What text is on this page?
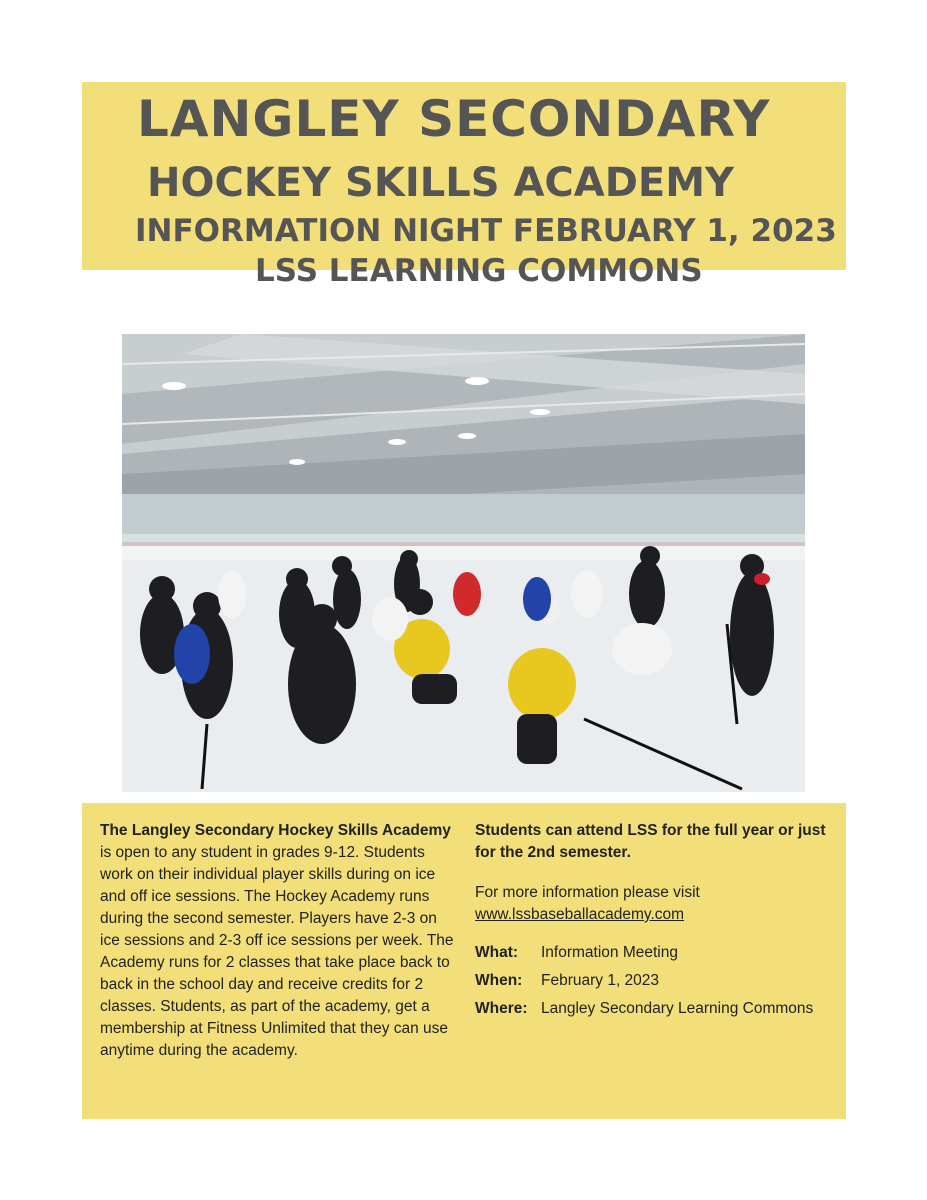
LANGLEY SECONDARY
HOCKEY SKILLS ACADEMY
INFORMATION NIGHT FEBRUARY 1, 2023
LSS LEARNING COMMONS
The Langley Secondary Hockey Skills Academy is open to any student in grades 9-12. Students work on their individual player skills during on ice and off ice sessions. The Hockey Academy runs during the second semester. Players have 2-3 on ice sessions and 2-3 off ice sessions per week. The Academy runs for 2 classes that take place back to back in the school day and receive credits for 2 classes. Students, as part of the academy, get a membership at Fitness Unlimited that they can use anytime during the academy.

Students can attend LSS for the full year or just for the 2nd semester.

For more information please visit

www.lssbaseballacademy.com

What:	Information Meeting
When:	February 1, 2023
Where: Langley Secondary Learning Commons
